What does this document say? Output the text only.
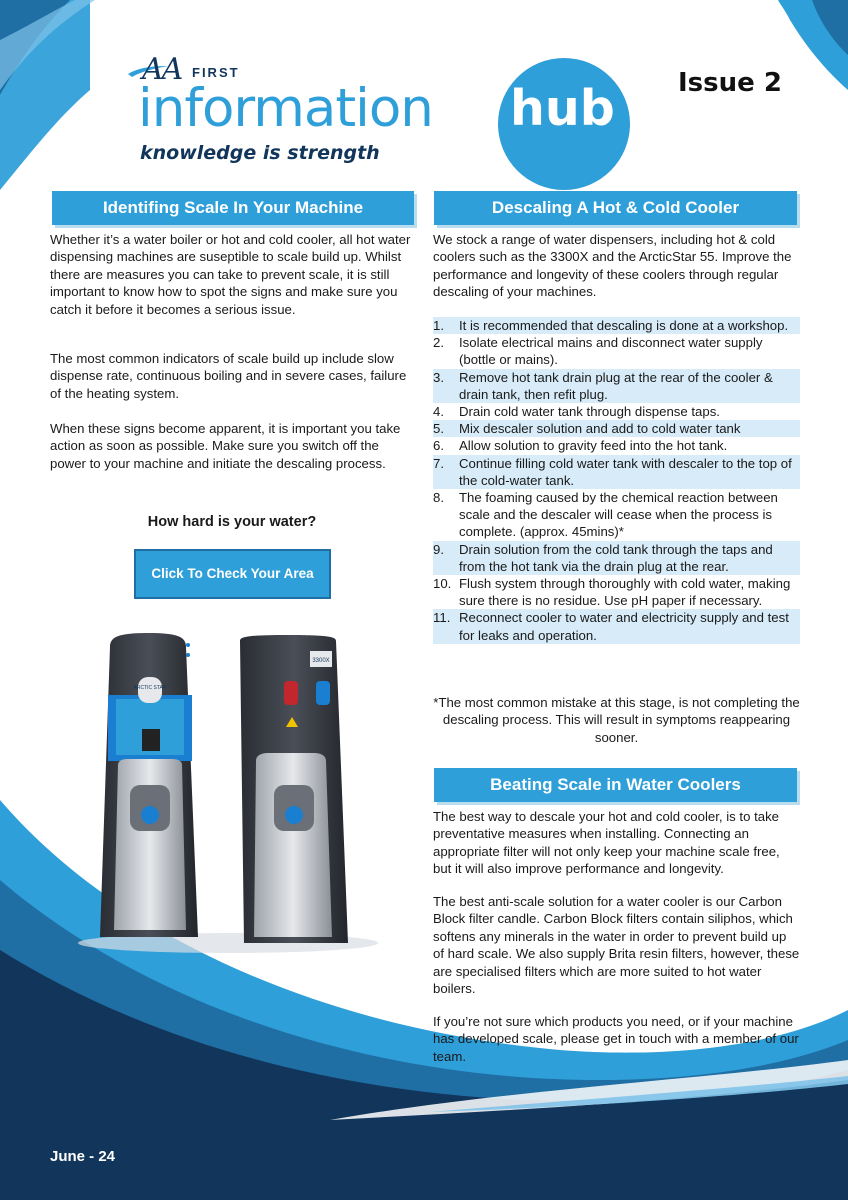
AA FIRST
information hub
knowledge is strength
Issue 2
Identifing Scale In Your Machine
Whether it’s a water boiler or hot and cold cooler, all hot water dispensing machines are suseptible to scale build up. Whilst there are measures you can take to prevent scale, it is still important to know how to spot the signs and make sure you catch it before it becomes a serious issue.
The most common indicators of scale build up include slow dispense rate, continuous boiling and in severe cases, failure of the heating system.
When these signs become apparent, it is important you take action as soon as possible. Make sure you switch off the power to your machine and initiate the descaling process.
How hard is your water?
Click To Check Your Area
ARCTIC STAR
3300X
Descaling A Hot & Cold Cooler
We stock a range of water dispensers, including hot & cold coolers such as the 3300X and the ArcticStar 55. Improve the performance and longevity of these coolers through regular descaling of your machines.
1. It is recommended that descaling is done at a workshop.
2. Isolate electrical mains and disconnect water supply (bottle or mains).
3. Remove hot tank drain plug at the rear of the cooler & drain tank, then refit plug.
4. Drain cold water tank through dispense taps.
5. Mix descaler solution and add to cold water tank
6. Allow solution to gravity feed into the hot tank.
7. Continue filling cold water tank with descaler to the top of the cold-water tank.
8. The foaming caused by the chemical reaction between scale and the descaler will cease when the process is complete. (approx. 45mins)*
9. Drain solution from the cold tank through the taps and from the hot tank via the drain plug at the rear.
10. Flush system through thoroughly with cold water, making sure there is no residue. Use pH paper if necessary.
11. Reconnect cooler to water and electricity supply and test for leaks and operation.
*The most common mistake at this stage, is not completing the descaling process. This will result in symptoms reappearing sooner.
Beating Scale in Water Coolers
The best way to descale your hot and cold cooler, is to take preventative measures when installing. Connecting an appropriate filter will not only keep your machine scale free, but it will also improve performance and longevity.
The best anti-scale solution for a water cooler is our Carbon Block filter candle. Carbon Block filters contain siliphos, which softens any minerals in the water in order to prevent build up of hard scale. We also supply Brita resin filters, however, these are specialised filters which are more suited to hot water boilers.
If you’re not sure which products you need, or if your machine has developed scale, please get in touch with a member of our team.
June - 24
